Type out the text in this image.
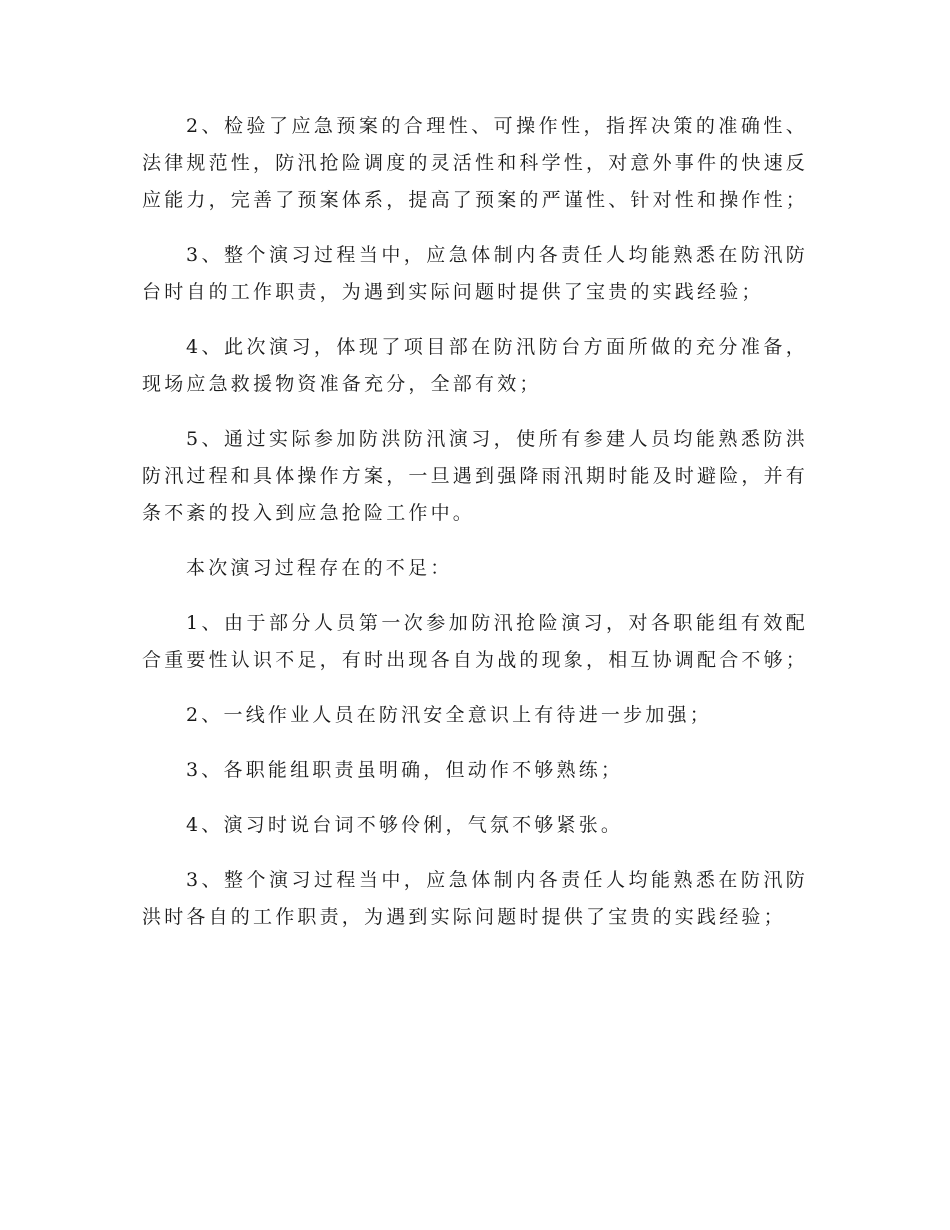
2、检验了应急预案的合理性、可操作性，指挥决策的准确性、法律规范性，防汛抢险调度的灵活性和科学性，对意外事件的快速反应能力，完善了预案体系，提高了预案的严谨性、针对性和操作性；

3、整个演习过程当中，应急体制内各责任人均能熟悉在防汛防台时自的工作职责，为遇到实际问题时提供了宝贵的实践经验；

4、此次演习，体现了项目部在防汛防台方面所做的充分准备，现场应急救援物资准备充分，全部有效；

5、通过实际参加防洪防汛演习，使所有参建人员均能熟悉防洪防汛过程和具体操作方案，一旦遇到强降雨汛期时能及时避险，并有条不紊的投入到应急抢险工作中。

本次演习过程存在的不足：

1、由于部分人员第一次参加防汛抢险演习，对各职能组有效配合重要性认识不足，有时出现各自为战的现象，相互协调配合不够；

2、一线作业人员在防汛安全意识上有待进一步加强；

3、各职能组职责虽明确，但动作不够熟练；

4、演习时说台词不够伶俐，气氛不够紧张。

3、整个演习过程当中，应急体制内各责任人均能熟悉在防汛防洪时各自的工作职责，为遇到实际问题时提供了宝贵的实践经验；
